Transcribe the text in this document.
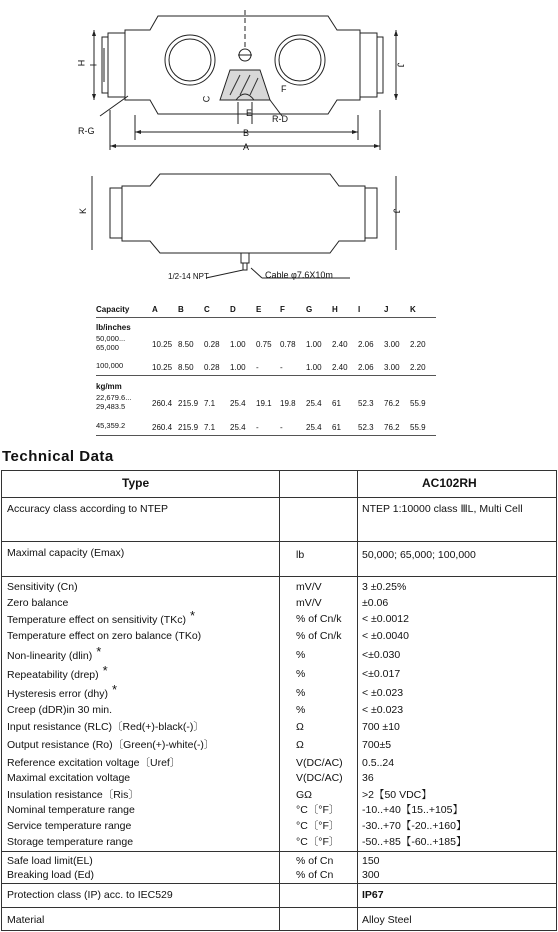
H I	J
C
F
R-G
R-D
E
B
A
K	J
1/2-14 NPT	Cable φ7.6X10m
Capacity	A	B	C	D	E F	G H	I	J	K
lb/inches
50,000...
65,000	10.25 8.50 0.28 1.00 0.75 0.78 1.00 2.40 2.06 3.00 2.20
100,000	10.25 8.50 0.28 1.00 -	-	1.00 2.40 2.06 3.00 2.20
kg/mm
22,679.6...
29,483.5	260.4 215.9 7.1 25.4 19.1 19.8 25.4 61 52.3 76.2 55.9
45,359.2	260.4 215.9 7.1 25.4 -	-	25.4 61 52.3 76.2 55.9
Technical Data
Type	AC102RH
Accuracy class according to NTEP	NTEP 1:10000 class ⅢL, Multi Cell
Maximal capacity (Emax)	lb	50,000; 65,000; 100,000
Sensitivity (Cn)	mV/V	3 ±0.25%
Zero balance	mV/V	±0.06
Temperature effect on sensitivity (TKc) *	% of Cn/k < ±0.0012
Temperature effect on zero balance (TKo)	% of Cn/k < ±0.0040
Non-linearity (dlin) *	%	<±0.030
Repeatability (drep) *	%	<±0.017
Hysteresis error (dhy) *	%	< ±0.023
Creep (dDR)in 30 min.	%	< ±0.023
Input resistance (RLC)〔Red(+)-black(-)〕	Ω	700 ±10
Output resistance (Ro)〔Green(+)-white(-)〕	Ω	700±5
Reference excitation voltage〔Uref〕	V(DC/AC) 0.5..24
Maximal excitation voltage	V(DC/AC) 36
Insulation resistance〔Ris〕	GΩ	>2【50 VDC】
Nominal temperature range	°C〔°F〕 -10..+40【15..+105】
Service temperature range	°C〔°F〕 -30..+70【-20..+160】
Storage temperature range	°C〔°F〕 -50..+85【-60..+185】
Safe load limit(EL)	% of Cn	150
Breaking load (Ed)	% of Cn	300
Protection class (IP) acc. to IEC529	IP67
Material	Alloy Steel
